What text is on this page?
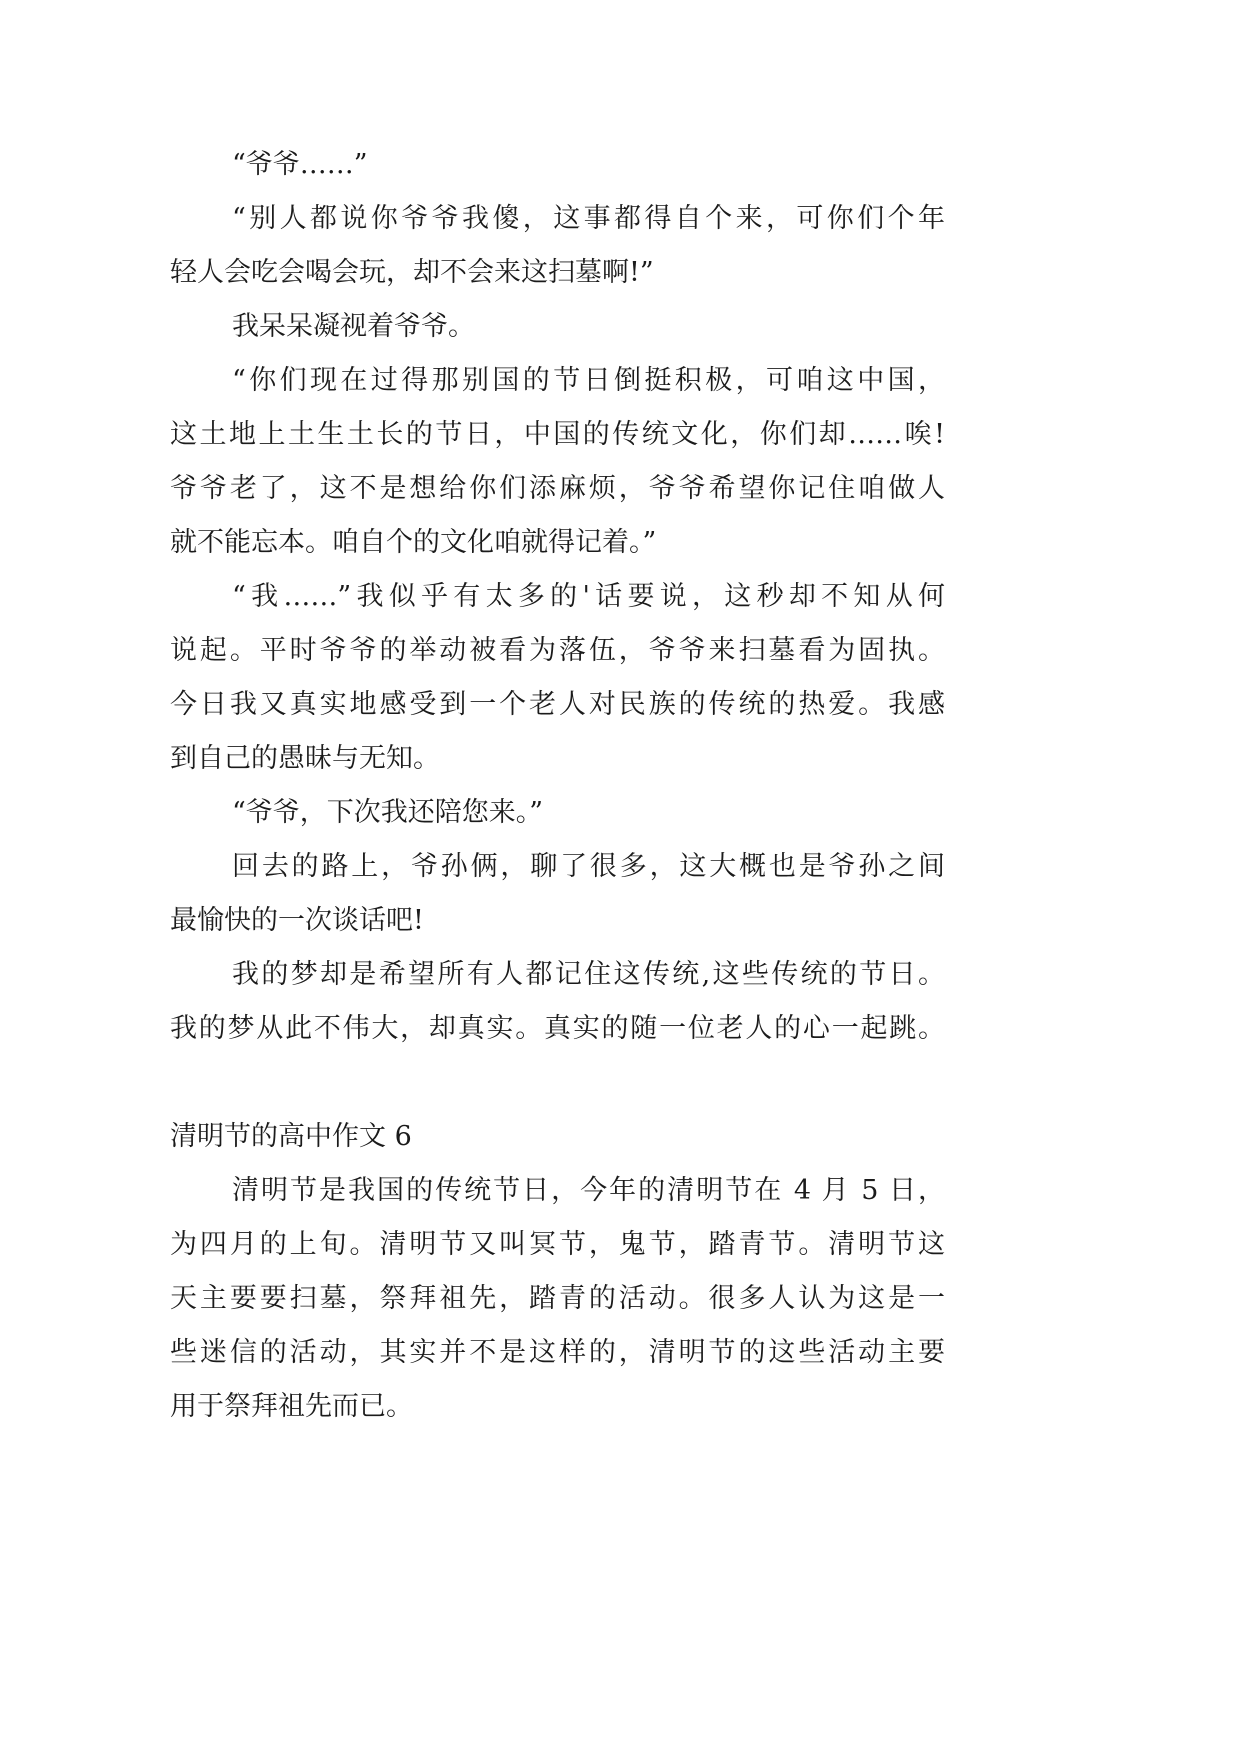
“爷爷……”
“别人都说你爷爷我傻，这事都得自个来，可你们个年
轻人会吃会喝会玩，却不会来这扫墓啊!”
我呆呆凝视着爷爷。
“你们现在过得那别国的节日倒挺积极，可咱这中国，
这土地上土生土长的节日，中国的传统文化，你们却……唉!
爷爷老了，这不是想给你们添麻烦，爷爷希望你记住咱做人
就不能忘本。咱自个的文化咱就得记着。”
“我……”我似乎有太多的'话要说，这秒却不知从何
说起。平时爷爷的举动被看为落伍，爷爷来扫墓看为固执。
今日我又真实地感受到一个老人对民族的传统的热爱。我感
到自己的愚昧与无知。
“爷爷，下次我还陪您来。”
回去的路上，爷孙俩，聊了很多，这大概也是爷孙之间
最愉快的一次谈话吧!
我的梦却是希望所有人都记住这传统,这些传统的节日。
我的梦从此不伟大，却真实。真实的随一位老人的心一起跳。
清明节的高中作文 6
清明节是我国的传统节日，今年的清明节在 4 月 5 日，
为四月的上旬。清明节又叫冥节，鬼节，踏青节。清明节这
天主要要扫墓，祭拜祖先，踏青的活动。很多人认为这是一
些迷信的活动，其实并不是这样的，清明节的这些活动主要
用于祭拜祖先而已。
